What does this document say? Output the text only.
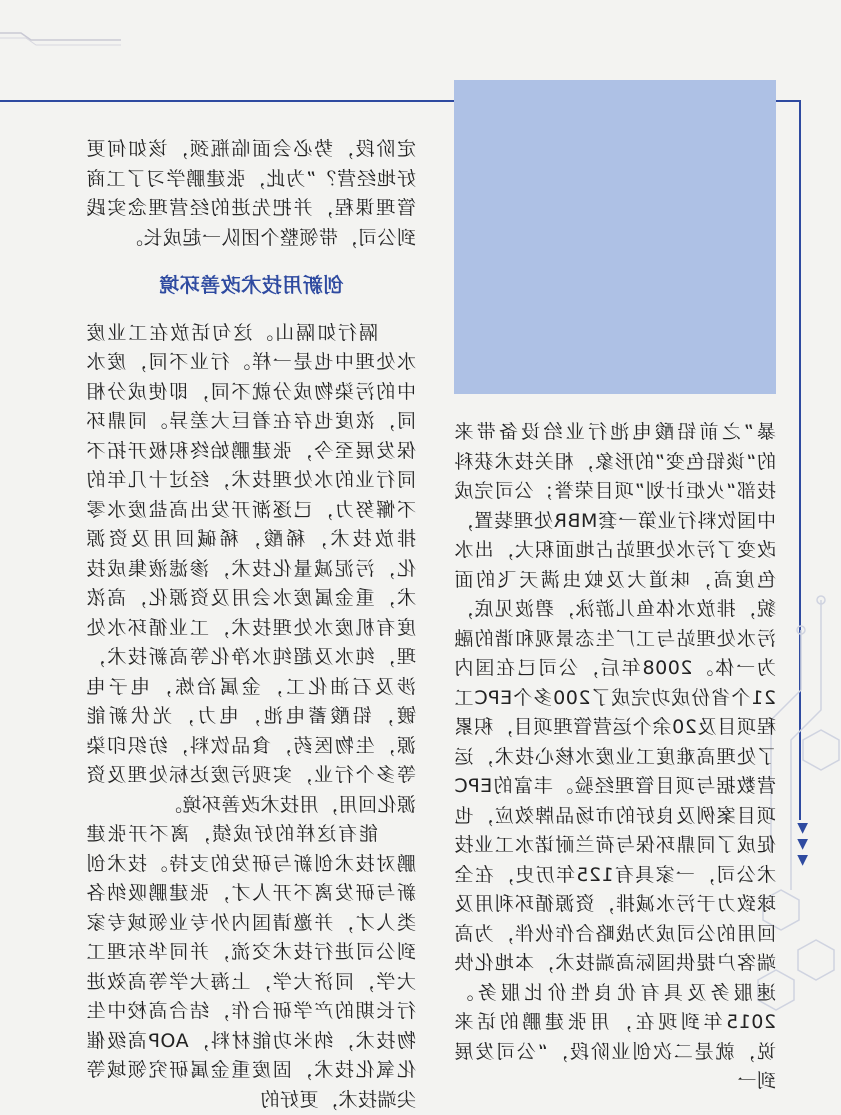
▼
▼
▼

暴”之前铅酸电池行业给设备带来的“谈铅色变”的形象，相关技术获科技部“火炬计划”项目荣誉；公司完成中国饮料行业第一套MBR处理装置，改变了污水处理站占地面积大，出水色度高，味道大及蚊虫满天飞的面貌，排放水体鱼儿游泳，碧波见底，污水处理站与工厂生态景观和谐的融为一体。2008年后，公司已在国内21个省份成功完成了200多个EPC工程项目及20余个运营管理项目，积累了处理高难度工业废水核心技术，运营数据与项目管理经验。丰富的EPC项目案例及良好的市场品牌效应，也促成了同鼎环保与荷兰耐诺水工业技术公司，一家具有125年历史，在全球致力于污水减排，资源循环利用及回用的公司成为战略合作伙伴，为高端客户提供国际高端技术，本地化快速服务及具有优良性价比服务。2015年到现在，用张建鹏的话来说，就是二次创业阶段，“公司发展到一

定阶段，势必会面临瓶颈，该如何更好地经营？”为此，张建鹏学习了工商管理课程，并把先进的经营理念实践到公司，带领整个团队一起成长。

创新用技术改善环境

隔行如隔山。这句话放在工业废水处理中也是一样。行业不同，废水中的污染物成分就不同，即使成分相同，浓度也存在着巨大差异。同鼎环保发展至今，张建鹏始终积极开拓不同行业的水处理技术，经过十几年的不懈努力，已逐渐开发出高盐废水零排放技术，稀酸，稀碱回用及资源化，污泥减量化技术，渗滤液集成技术，重金属废水会用及资源化，高浓度有机废水处理技术，工业循环水处理，纯水及超纯水净化等高新技术，涉及石油化工，金属冶炼，电子电镀，铅酸蓄电池，电力，光伏新能源，生物医药，食品饮料，纺织印染等多个行业，实现污废达标处理及资源化回用，用技术改善环境。

能有这样的好成绩，离不开张建鹏对技术创新与研发的支持。技术创新与研发离不开人才，张建鹏吸纳各类人才，并邀请国内外专业领域专家到公司进行技术交流，并同华东理工大学，同济大学，上海大学等高效进行长期的产学研合作，结合高校中生物技术，纳米功能材料，AOP高级催化氧化技术，固废重金属研究领域等尖端技术，更好的
